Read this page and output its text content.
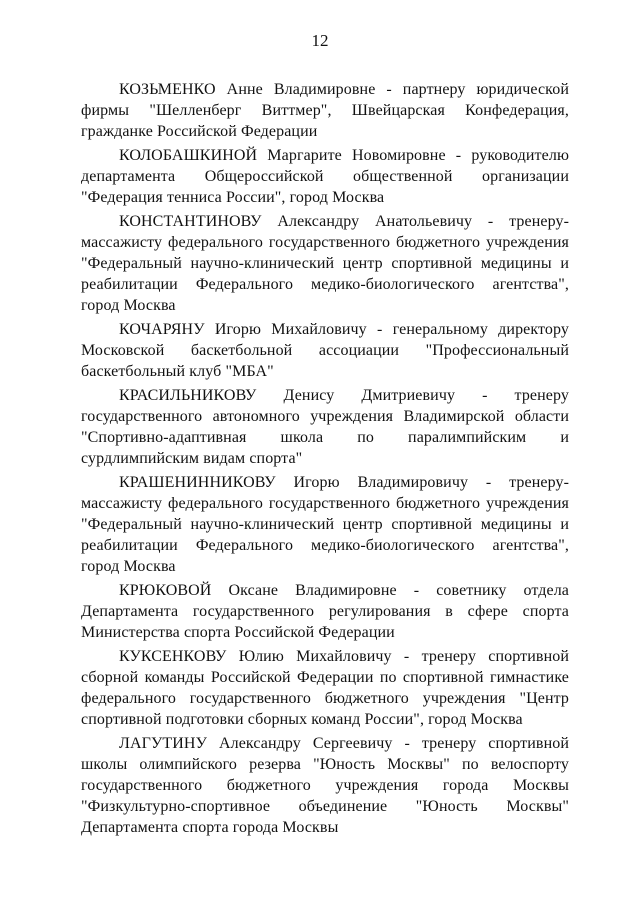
12

КОЗЬМЕНКО Анне Владимировне - партнеру юридической фирмы "Шелленберг Виттмер", Швейцарская Конфедерация, гражданке Российской Федерации

КОЛОБАШКИНОЙ Маргарите Новомировне - руководителю департамента Общероссийской общественной организации "Федерация тенниса России", город Москва

КОНСТАНТИНОВУ Александру Анатольевичу - тренеру-массажисту федерального государственного бюджетного учреждения "Федеральный научно-клинический центр спортивной медицины и реабилитации Федерального медико-биологического агентства", город Москва

КОЧАРЯНУ Игорю Михайловичу - генеральному директору Московской баскетбольной ассоциации "Профессиональный баскетбольный клуб "МБА"

КРАСИЛЬНИКОВУ Денису Дмитриевичу - тренеру государственного автономного учреждения Владимирской области "Спортивно-адаптивная школа по паралимпийским и сурдлимпийским видам спорта"

КРАШЕНИННИКОВУ Игорю Владимировичу - тренеру-массажисту федерального государственного бюджетного учреждения "Федеральный научно-клинический центр спортивной медицины и реабилитации Федерального медико-биологического агентства", город Москва

КРЮКОВОЙ Оксане Владимировне - советнику отдела Департамента государственного регулирования в сфере спорта Министерства спорта Российской Федерации

КУКСЕНКОВУ Юлию Михайловичу - тренеру спортивной сборной команды Российской Федерации по спортивной гимнастике федерального государственного бюджетного учреждения "Центр спортивной подготовки сборных команд России", город Москва

ЛАГУТИНУ Александру Сергеевичу - тренеру спортивной школы олимпийского резерва "Юность Москвы" по велоспорту государственного бюджетного учреждения города Москвы "Физкультурно-спортивное объединение "Юность Москвы" Департамента спорта города Москвы
